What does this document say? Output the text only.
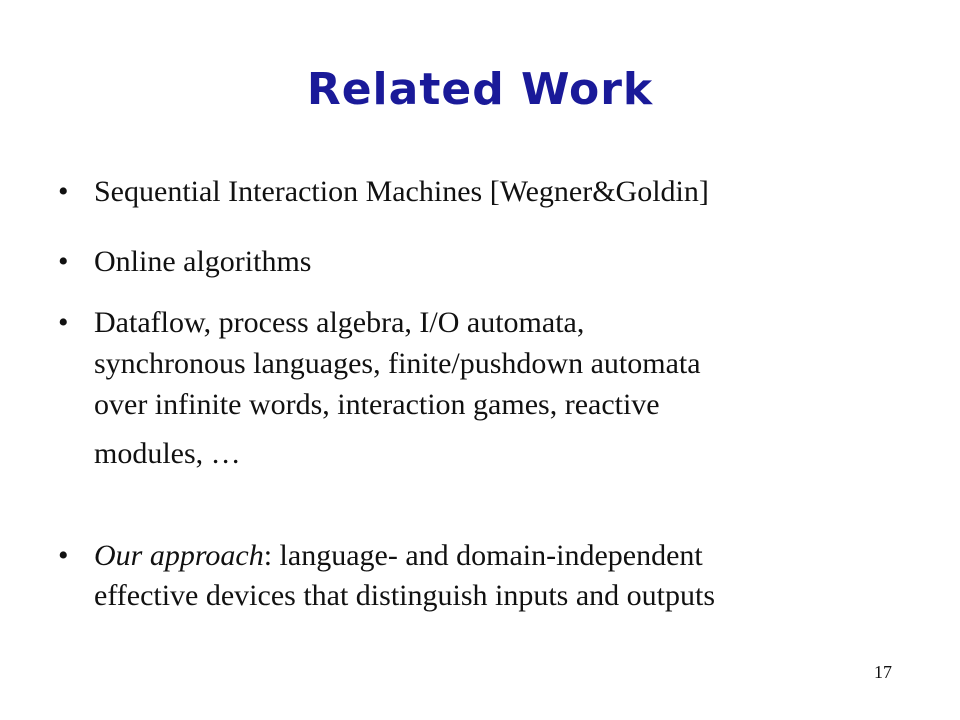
Related Work
• Sequential Interaction Machines [Wegner&Goldin]
• Online algorithms
• Dataflow, process algebra, I/O automata,
synchronous languages, finite/pushdown automata
over infinite words, interaction games, reactive
modules, …
• Our approach: language- and domain-independent
effective devices that distinguish inputs and outputs
17
